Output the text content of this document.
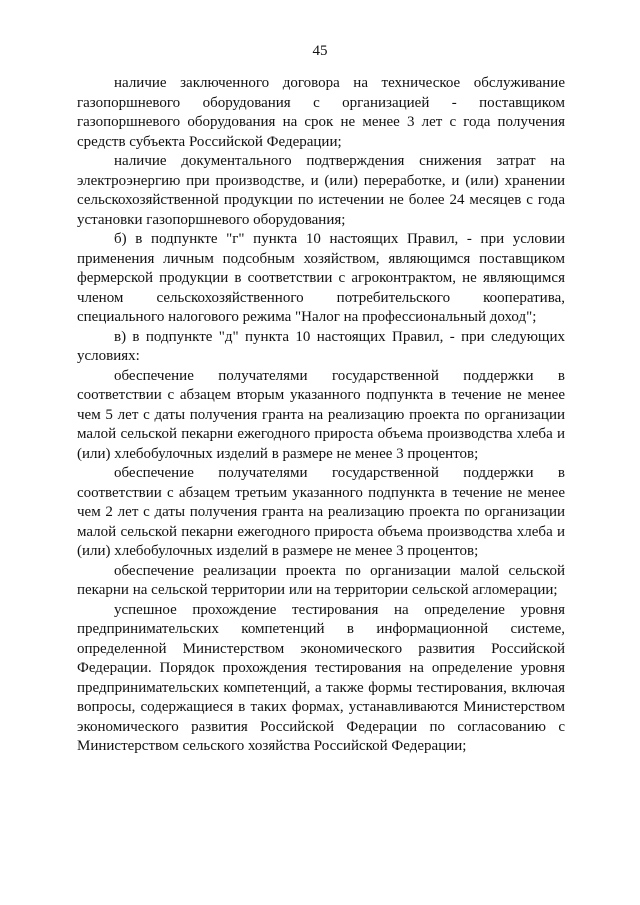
45

наличие заключенного договора на техническое обслуживание газопоршневого оборудования с организацией - поставщиком газопоршневого оборудования на срок не менее 3 лет с года получения средств субъекта Российской Федерации;

наличие документального подтверждения снижения затрат на электроэнергию при производстве, и (или) переработке, и (или) хранении сельскохозяйственной продукции по истечении не более 24 месяцев с года установки газопоршневого оборудования;

б) в подпункте "г" пункта 10 настоящих Правил, - при условии применения личным подсобным хозяйством, являющимся поставщиком фермерской продукции в соответствии с агроконтрактом, не являющимся членом сельскохозяйственного потребительского кооператива, специального налогового режима "Налог на профессиональный доход";

в) в подпункте "д" пункта 10 настоящих Правил, - при следующих условиях:

обеспечение получателями государственной поддержки в соответствии с абзацем вторым указанного подпункта в течение не менее чем 5 лет с даты получения гранта на реализацию проекта по организации малой сельской пекарни ежегодного прироста объема производства хлеба и (или) хлебобулочных изделий в размере не менее 3 процентов;

обеспечение получателями государственной поддержки в соответствии с абзацем третьим указанного подпункта в течение не менее чем 2 лет с даты получения гранта на реализацию проекта по организации малой сельской пекарни ежегодного прироста объема производства хлеба и (или) хлебобулочных изделий в размере не менее 3 процентов;

обеспечение реализации проекта по организации малой сельской пекарни на сельской территории или на территории сельской агломерации;

успешное прохождение тестирования на определение уровня предпринимательских компетенций в информационной системе, определенной Министерством экономического развития Российской Федерации. Порядок прохождения тестирования на определение уровня предпринимательских компетенций, а также формы тестирования, включая вопросы, содержащиеся в таких формах, устанавливаются Министерством экономического развития Российской Федерации по согласованию с Министерством сельского хозяйства Российской Федерации;
